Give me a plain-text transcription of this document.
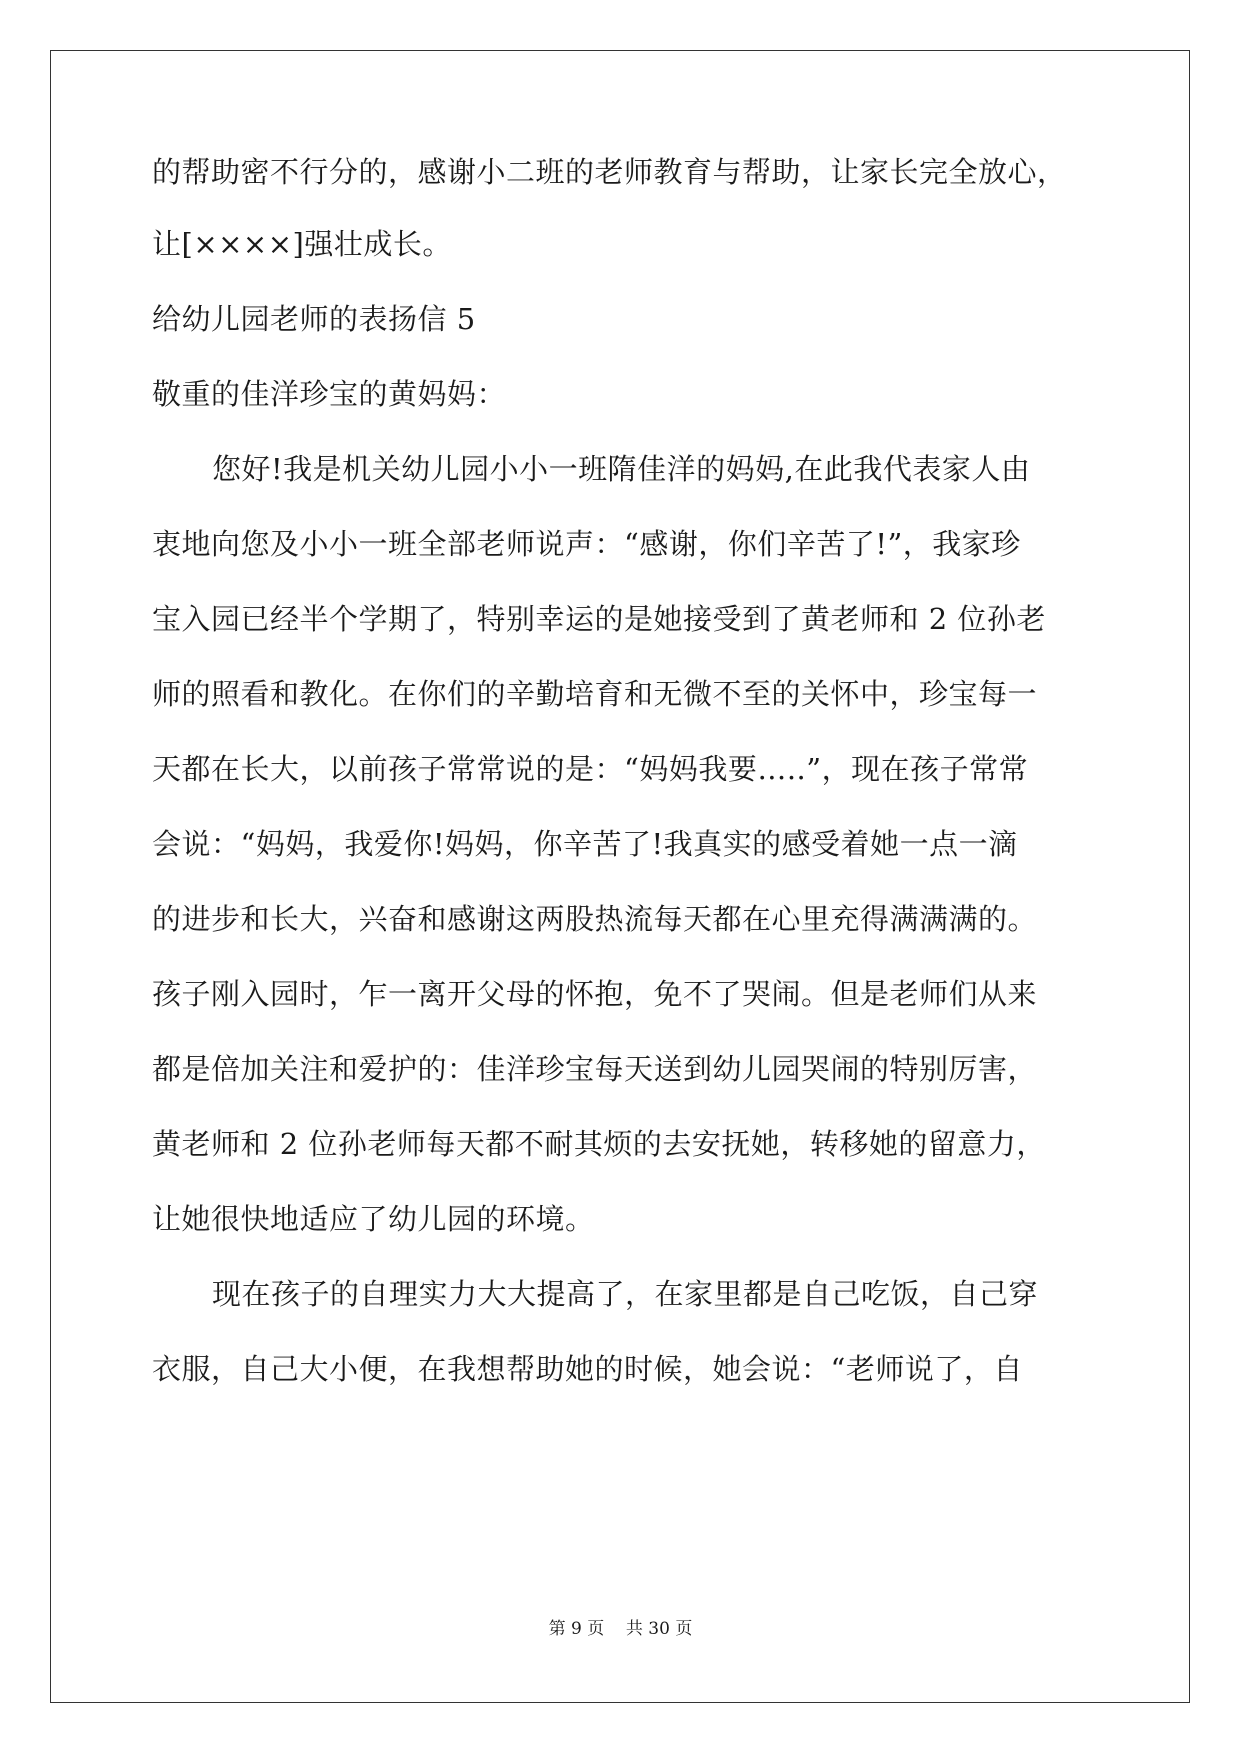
的帮助密不行分的，感谢小二班的老师教育与帮助，让家长完全放心，
让[××××]强壮成长。
给幼儿园老师的表扬信 5
敬重的佳洋珍宝的黄妈妈：
您好!我是机关幼儿园小小一班隋佳洋的妈妈,在此我代表家人由
衷地向您及小小一班全部老师说声：“感谢，你们辛苦了!”，我家珍
宝入园已经半个学期了，特别幸运的是她接受到了黄老师和 2 位孙老
师的照看和教化。在你们的辛勤培育和无微不至的关怀中，珍宝每一
天都在长大，以前孩子常常说的是：“妈妈我要…..”，现在孩子常常
会说：“妈妈，我爱你!妈妈，你辛苦了!我真实的感受着她一点一滴
的进步和长大，兴奋和感谢这两股热流每天都在心里充得满满满的。
孩子刚入园时，乍一离开父母的怀抱，免不了哭闹。但是老师们从来
都是倍加关注和爱护的：佳洋珍宝每天送到幼儿园哭闹的特别厉害，
黄老师和 2 位孙老师每天都不耐其烦的去安抚她，转移她的留意力，
让她很快地适应了幼儿园的环境。
现在孩子的自理实力大大提高了，在家里都是自己吃饭，自己穿
衣服，自己大小便，在我想帮助她的时候，她会说：“老师说了，自
第 9 页    共 30 页
